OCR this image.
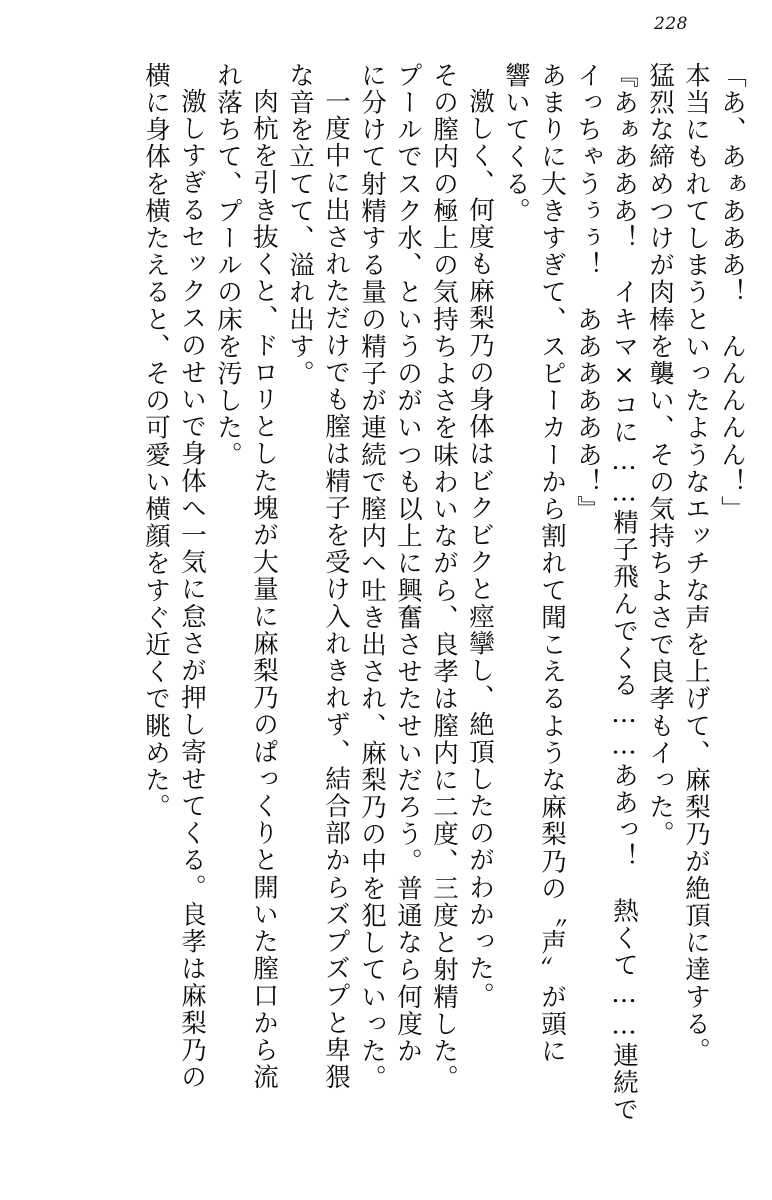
228
「あ、あぁあああ！　んんんんん！」
本当にもれてしまうといったようなエッチな声を上げて、麻梨乃が絶頂に達する。
猛烈な締めつけが肉棒を襲い、その気持ちよさで良孝もイった。
『あぁあああ！　イキマ×コに……精子飛んでくる……ああっ！　熱くて……連続で
イっちゃうぅぅ！　ああああああ！』
あまりに大きすぎて、スピーカーから割れて聞こえるような麻梨乃の〝声〟が頭に
響いてくる。
激しく、何度も麻梨乃の身体はビクビクと痙攣し、絶頂したのがわかった。
その膣内の極上の気持ちよさを味わいながら、良孝は膣内に二度、三度と射精した。
プールでスク水、というのがいつも以上に興奮させたせいだろう。普通なら何度か
に分けて射精する量の精子が連続で膣内へ吐き出され、麻梨乃の中を犯していった。
一度中に出されただけでも膣は精子を受け入れきれず、結合部からズプズプと卑猥
な音を立てて、溢れ出す。
肉杭を引き抜くと、ドロリとした塊が大量に麻梨乃のぱっくりと開いた膣口から流
れ落ちて、プールの床を汚した。
激しすぎるセックスのせいで身体へ一気に怠さが押し寄せてくる。良孝は麻梨乃の
横に身体を横たえると、その可愛い横顔をすぐ近くで眺めた。
